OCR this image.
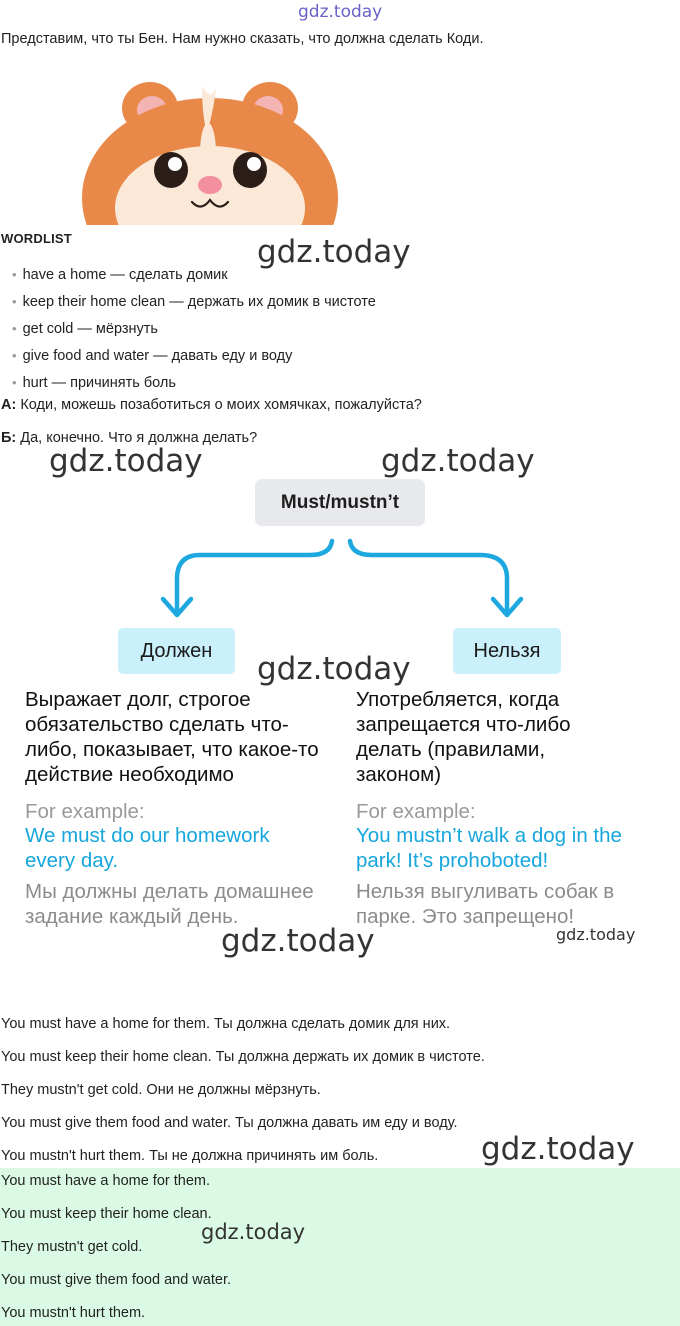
gdz.today
Представим, что ты Бен. Нам нужно сказать, что должна сделать Коди.
WORDLIST
• have a home — сделать домик
• keep their home clean — держать их домик в чистоте
• get cold — мёрзнуть
• give food and water — давать еду и воду
• hurt — причинять боль
А: Коди, можешь позаботиться о моих хомячках, пожалуйста?
Б: Да, конечно. Что я должна делать?
Must/mustn’t
Должен	Нельзя
Выражает долг, строгое обязательство сделать что-либо, показывает, что какое-то действие необходимо
For example:
We must do our homework every day.
Мы должны делать домашнее задание каждый день.
Употребляется, когда запрещается что-либо делать (правилами, законом)
For example:
You mustn’t walk a dog in the park! It’s prohoboted!
Нельзя выгуливать собак в парке. Это запрещено!
You must have a home for them. Ты должна сделать домик для них.
You must keep their home clean. Ты должна держать их домик в чистоте.
They mustn't get cold. Они не должны мёрзнуть.
You must give them food and water. Ты должна давать им еду и воду.
You mustn't hurt them. Ты не должна причинять им боль.
You must have a home for them.
You must keep their home clean.
They mustn't get cold.
You must give them food and water.
You mustn't hurt them.
gdz.today
gdz.today	gdz.today
gdz.today
gdz.today	gdz.today
gdz.today
gdz.today
